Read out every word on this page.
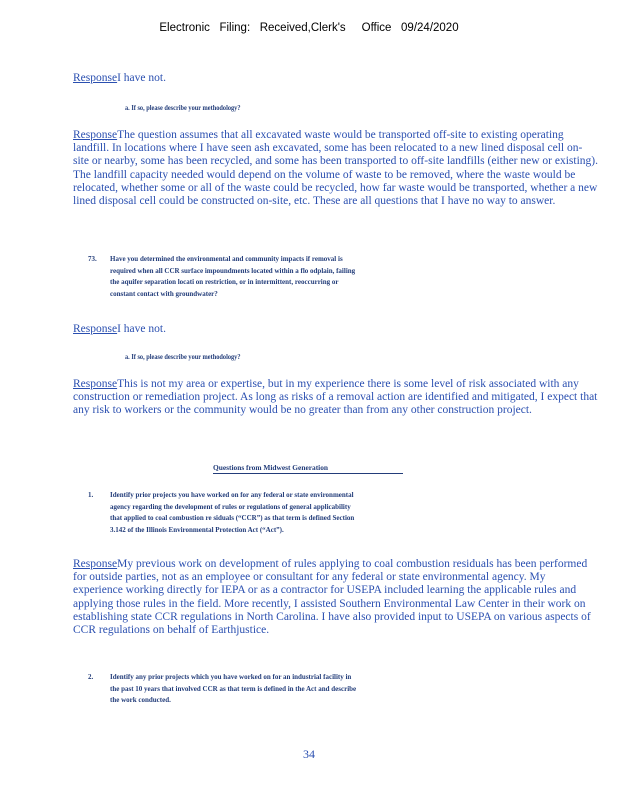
Electronic   Filing:   Received,Clerk's     Office   09/24/2020
ResponseI have not.
a. If so, please describe your methodology?
ResponseThe question assumes that all excavated waste would be transported off-site to existing operating landfill. In locations where I have seen ash excavated, some has been relocated to a new lined disposal cell on-site or nearby, some has been recycled, and some has been transported to off-site landfills (either new or existing). The landfill capacity needed would depend on the volume of waste to be removed, where the waste would be relocated, whether some or all of the waste could be recycled, how far waste would be transported, whether a new lined disposal cell could be constructed on-site, etc. These are all questions that I have no way to answer.
73. Have you determined the environmental and community impacts if removal is
required when all CCR surface impoundments located within a flo odplain, failing
the aquifer separation locati on restriction, or in intermittent, reoccurring or
constant contact with groundwater?
ResponseI have not.
a. If so, please describe your methodology?
ResponseThis is not my area or expertise, but in my experience there is some level of risk associated with any construction or remediation project. As long as risks of a removal action are identified and mitigated, I expect that any risk to workers or the community would be no greater than from any other construction project.
Questions from Midwest Generation
1. Identify prior projects you have worked on for any federal or state environmental
agency regarding the development of rules or regulations of general applicability
that applied to coal combustion re siduals (“CCR”) as that term is defined Section
3.142 of the Illinois Environmental Protection Act (“Act”).
ResponseMy previous work on development of rules applying to coal combustion residuals has been performed for outside parties, not as an employee or consultant for any federal or state environmental agency. My experience working directly for IEPA or as a contractor for USEPA included learning the applicable rules and applying those rules in the field. More recently, I assisted Southern Environmental Law Center in their work on establishing state CCR regulations in North Carolina. I have also provided input to USEPA on various aspects of CCR regulations on behalf of Earthjustice.
2. Identify any prior projects which you have worked on for an industrial facility in
the past 10 years that involved CCR as that term is defined in the Act and describe
the work conducted.
34
